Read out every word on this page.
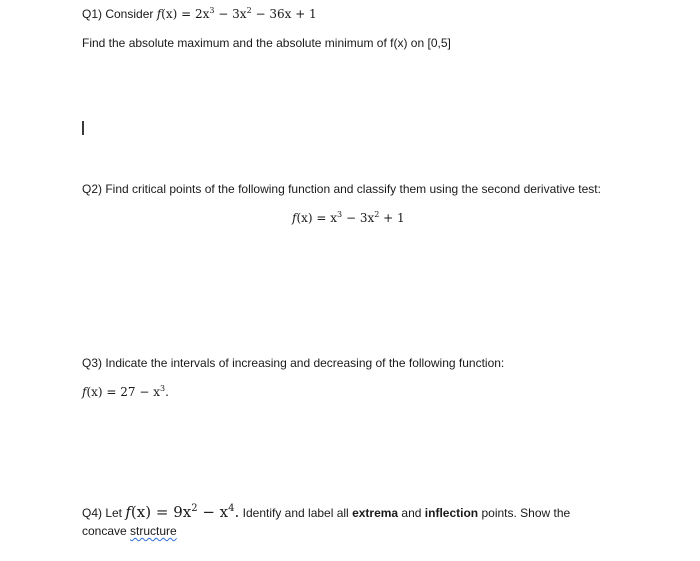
Q1) Consider $f(x) = 2x^3 - 3x^2 - 36x + 1$
Find the absolute maximum and the absolute minimum of f(x) on [0,5]
Q2) Find critical points of the following function and classify them using the second derivative test:
$f(x) = x^3 - 3x^2 + 1$
Q3) Indicate the intervals of increasing and decreasing of the following function:
$f(x) = 27 - x^3$.
Q4) Let $f(x) = 9x^2 - x^4$. Identify and label all extrema and inflection points. Show the
concave structure
